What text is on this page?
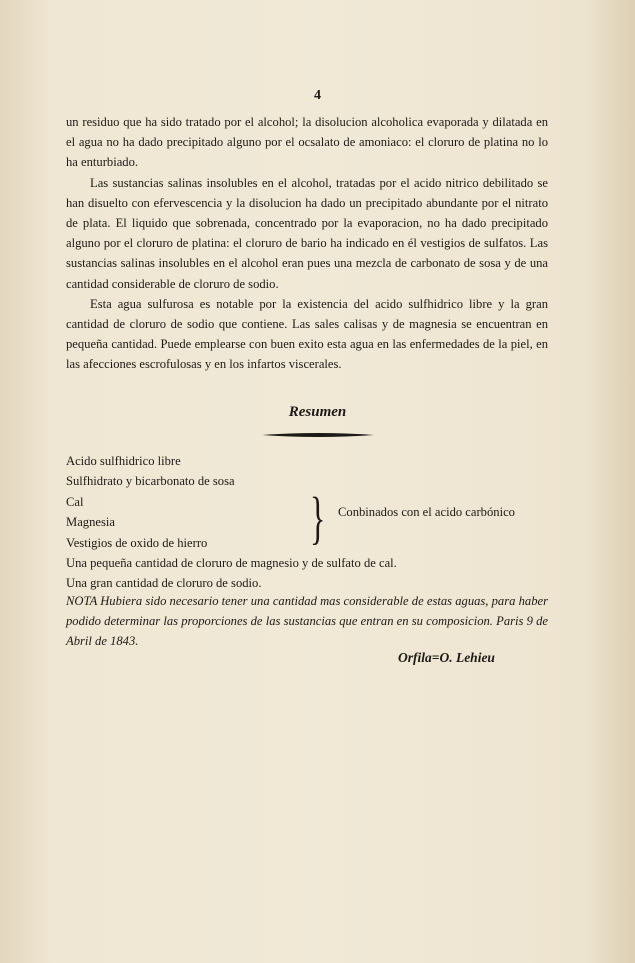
4

un residuo que ha sido tratado por el alcohol; la disolucion alcoholica evaporada y dilatada en el agua no ha dado precipitado alguno por el ocsalato de amoniaco: el cloruro de platina no lo ha enturbiado.

Las sustancias salinas insolubles en el alcohol, tratadas por el acido nitrico debilitado se han disuelto con efervescencia y la disolucion ha dado un precipitado abundante por el nitrato de plata. El liquido que sobrenada, concentrado por la evaporacion, no ha dado precipitado alguno por el cloruro de platina: el cloruro de bario ha indicado en él vestigios de sulfatos. Las sustancias salinas insolubles en el alcohol eran pues una mezcla de carbonato de sosa y de una cantidad considerable de cloruro de sodio.

Esta agua sulfurosa es notable por la existencia del acido sulfhidrico libre y la gran cantidad de cloruro de sodio que contiene. Las sales calisas y de magnesia se encuentran en pequeña cantidad. Puede emplearse con buen exito esta agua en las enfermedades de la piel, en las afecciones escrofulosas y en los infartos viscerales.

Resumen

Acido sulfhidrico libre

Sulfhidrato y bicarbonato de sosa

Cal

Magnesia

Vestigios de oxido de hierro

Una pequeña cantidad de cloruro de magnesio y de sulfato de cal.

Una gran cantidad de cloruro de sodio.

} Conbinados con el acido carbónico
NOTA Hubiera sido necesario tener una cantidad mas considerable de estas aguas, para haber podido determinar las proporciones de las sustancias que entran en su composicion. Paris 9 de Abril de 1843.
Orfila=O. Lehieu
